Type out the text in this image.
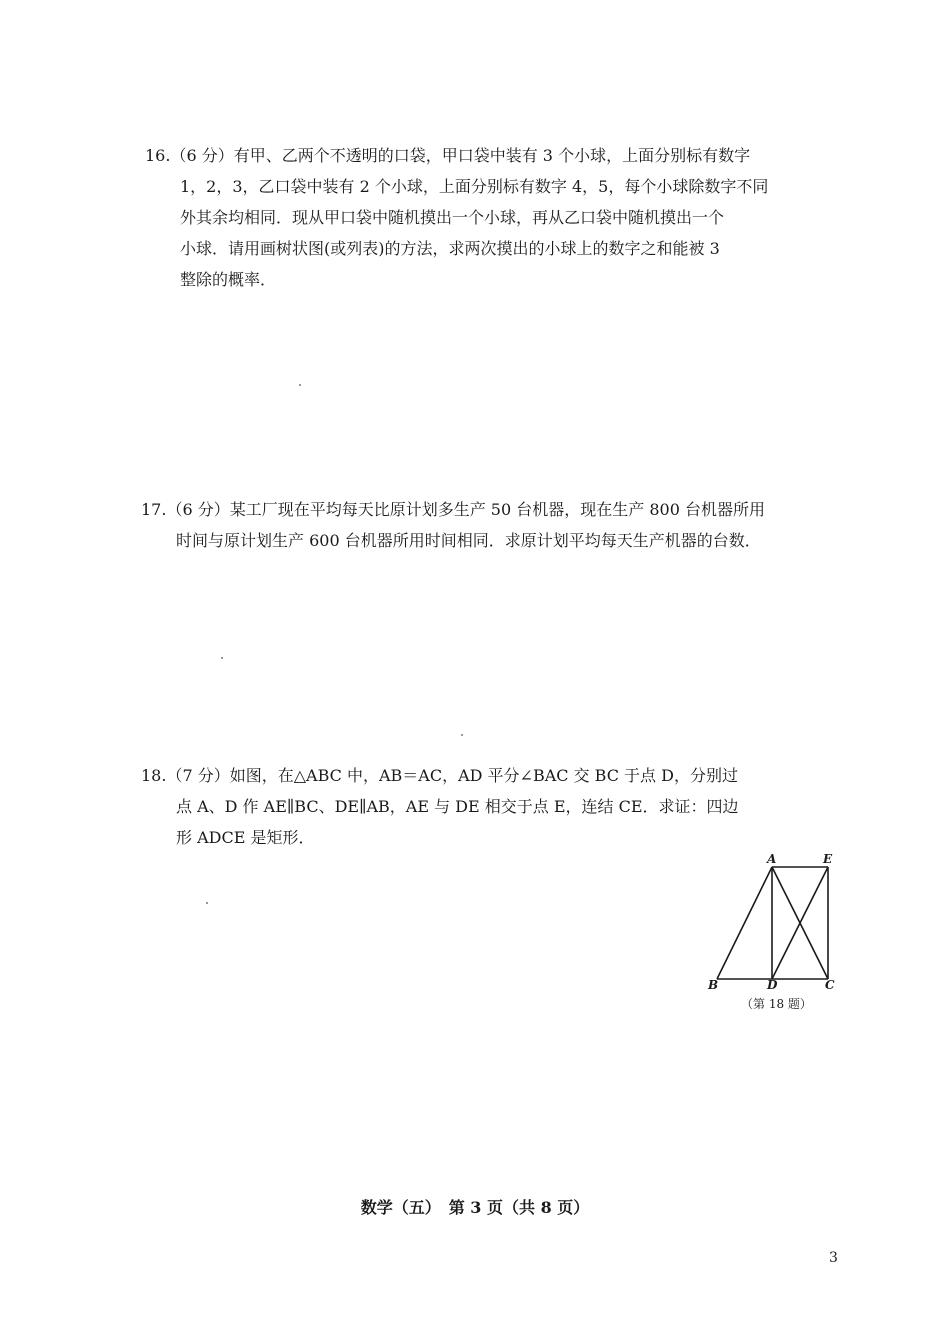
16.（6 分）有甲、乙两个不透明的口袋，甲口袋中装有 3 个小球，上面分别标有数字
1，2，3，乙口袋中装有 2 个小球，上面分别标有数字 4，5，每个小球除数字不同
外其余均相同．现从甲口袋中随机摸出一个小球，再从乙口袋中随机摸出一个
小球．请用画树状图(或列表)的方法，求两次摸出的小球上的数字之和能被 3
整除的概率．
17.（6 分）某工厂现在平均每天比原计划多生产 50 台机器，现在生产 800 台机器所用
时间与原计划生产 600 台机器所用时间相同．求原计划平均每天生产机器的台数．
18.（7 分）如图，在△ABC 中，AB＝AC，AD 平分∠BAC 交 BC 于点 D，分别过
点 A、D 作 AE∥BC、DE∥AB，AE 与 DE 相交于点 E，连结 CE．求证：四边
形 ADCE 是矩形．
A	E
B	D	C
（第 18 题）
数学（五）　第 3 页（共 8 页）
3
